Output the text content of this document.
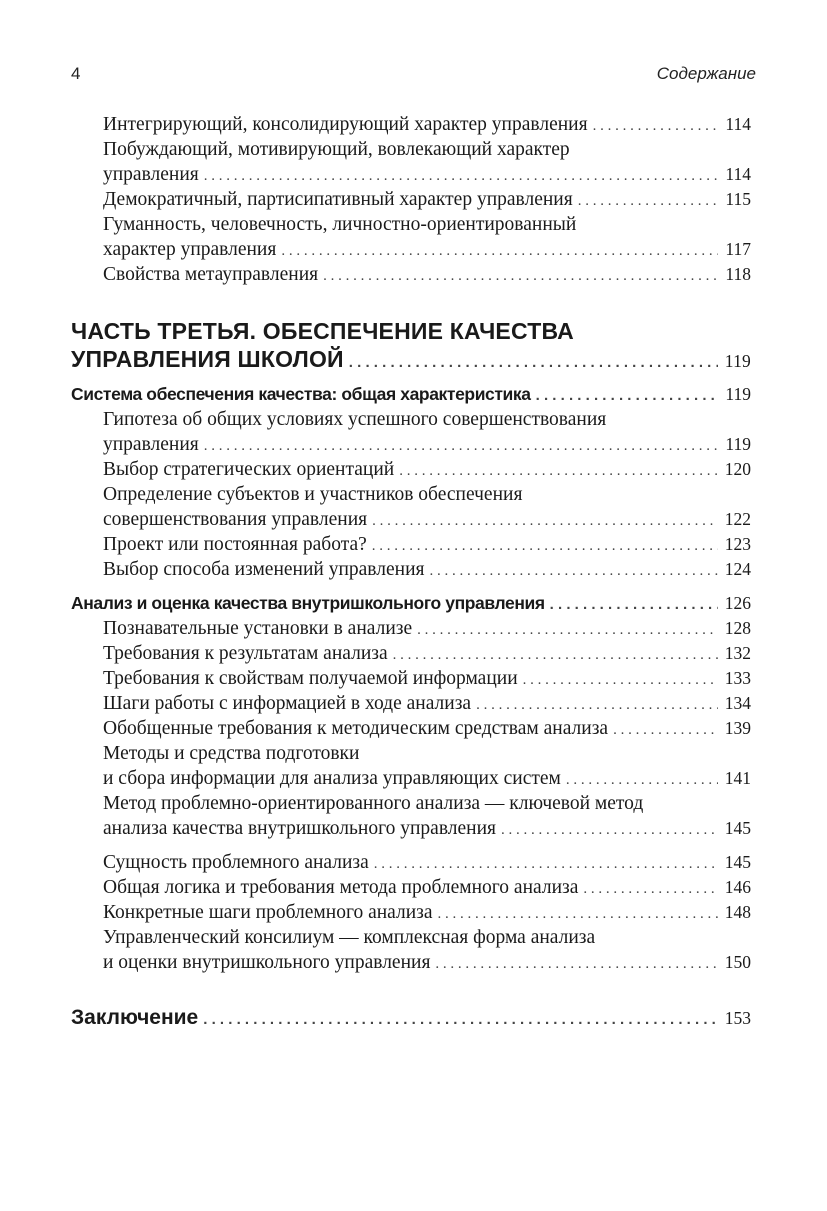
4	Содержание
Интегрирующий, консолидирующий характер управления . . .	114
Побуждающий, мотивирующий, вовлекающий характер
управления . . .	114
Демократичный, партисипативный характер управления . . .	115
Гуманность, человечность, личностно-ориентированный
характер управления . . .	117
Свойства метауправления . . .	118
ЧАСТЬ ТРЕТЬЯ. ОБЕСПЕЧЕНИЕ КАЧЕСТВА
УПРАВЛЕНИЯ ШКОЛОЙ . . .	119
Система обеспечения качества: общая характеристика . . .	119
Гипотеза об общих условиях успешного совершенствования
управления . . .	119
Выбор стратегических ориентаций . . .	120
Определение субъектов и участников обеспечения
совершенствования управления . . .	122
Проект или постоянная работа? . . .	123
Выбор способа изменений управления . . .	124
Анализ и оценка качества внутришкольного управления . . .	126
Познавательные установки в анализе . . .	128
Требования к результатам анализа . . .	132
Требования к свойствам получаемой информации . . .	133
Шаги работы с информацией в ходе анализа . . .	134
Обобщенные требования к методическим средствам анализа . . .	139
Методы и средства подготовки
и сбора информации для анализа управляющих систем . . .	141
Метод проблемно-ориентированного анализа — ключевой метод
анализа качества внутришкольного управления . . .	145
Сущность проблемного анализа . . .	145
Общая логика и требования метода проблемного анализа . . .	146
Конкретные шаги проблемного анализа . . .	148
Управленческий консилиум — комплексная форма анализа
и оценки внутришкольного управления . . .	150
Заключение . . .	153
